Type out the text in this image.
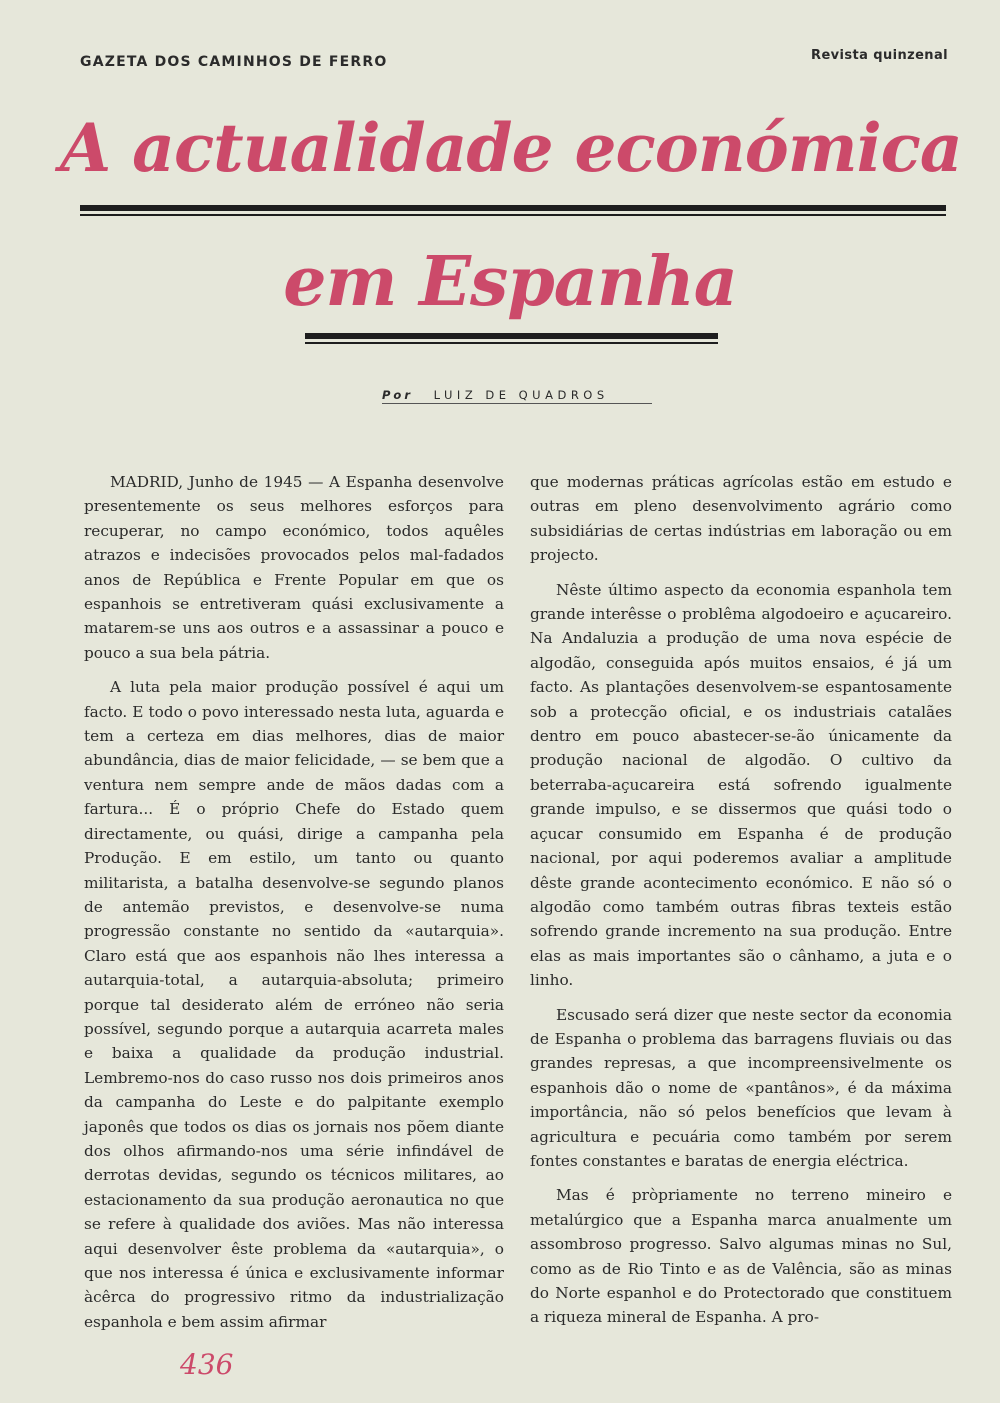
GAZETA DOS CAMINHOS DE FERRO	Revista quinzenal
A actualidade económica
em Espanha
Por LUIZ DE QUADROS

MADRID, Junho de 1945 — A Espanha desenvolve presentemente os seus melhores esforços para recuperar, no campo económico, todos aquêles atrazos e indecisões provocados pelos mal-fadados anos de República e Frente Popular em que os espanhois se entretiveram quási exclusivamente a matarem-se uns aos outros e a assassinar a pouco e pouco a sua bela pátria.

A luta pela maior produção possível é aqui um facto. E todo o povo interessado nesta luta, aguarda e tem a certeza em dias melhores, dias de maior abundância, dias de maior felicidade, — se bem que a ventura nem sempre ande de mãos dadas com a fartura... É o próprio Chefe do Estado quem directamente, ou quási, dirige a campanha pela Produção. E em estilo, um tanto ou quanto militarista, a batalha desenvolve-se segundo planos de antemão previstos, e desenvolve-se numa progressão constante no sentido da «autarquia». Claro está que aos espanhois não lhes interessa a autarquia-total, a autarquia-absoluta; primeiro porque tal desiderato além de erróneo não seria possível, segundo porque a autarquia acarreta males e baixa a qualidade da produção industrial. Lembremo-nos do caso russo nos dois primeiros anos da campanha do Leste e do palpitante exemplo japonês que todos os dias os jornais nos põem diante dos olhos afirmando-nos uma série infindável de derrotas devidas, segundo os técnicos militares, ao estacionamento da sua produção aeronautica no que se refere à qualidade dos aviões. Mas não interessa aqui desenvolver êste problema da «autarquia», o que nos interessa é única e exclusivamente informar àcêrca do progressivo ritmo da industrialização espanhola e bem assim afirmar

que modernas práticas agrícolas estão em estudo e outras em pleno desenvolvimento agrário como subsidiárias de certas indústrias em laboração ou em projecto.

Nêste último aspecto da economia espanhola tem grande interêsse o problêma algodoeiro e açucareiro. Na Andaluzia a produção de uma nova espécie de algodão, conseguida após muitos ensaios, é já um facto. As plantações desenvolvem-se espantosamente sob a protecção oficial, e os industriais catalães dentro em pouco abastecer-se-ão únicamente da produção nacional de algodão. O cultivo da beterraba-açucareira está sofrendo igualmente grande impulso, e se dissermos que quási todo o açucar consumido em Espanha é de produção nacional, por aqui poderemos avaliar a amplitude dêste grande acontecimento económico. E não só o algodão como também outras fibras texteis estão sofrendo grande incremento na sua produção. Entre elas as mais importantes são o cânhamo, a juta e o linho.

Escusado será dizer que neste sector da economia de Espanha o problema das barragens fluviais ou das grandes represas, a que incompreensivelmente os espanhois dão o nome de «pantânos», é da máxima importância, não só pelos benefícios que levam à agricultura e pecuária como também por serem fontes constantes e baratas de energia eléctrica.

Mas é pròpriamente no terreno mineiro e metalúrgico que a Espanha marca anualmente um assombroso progresso. Salvo algumas minas no Sul, como as de Rio Tinto e as de Valência, são as minas do Norte espanhol e do Protectorado que constituem a riqueza mineral de Espanha. A pro-

436
